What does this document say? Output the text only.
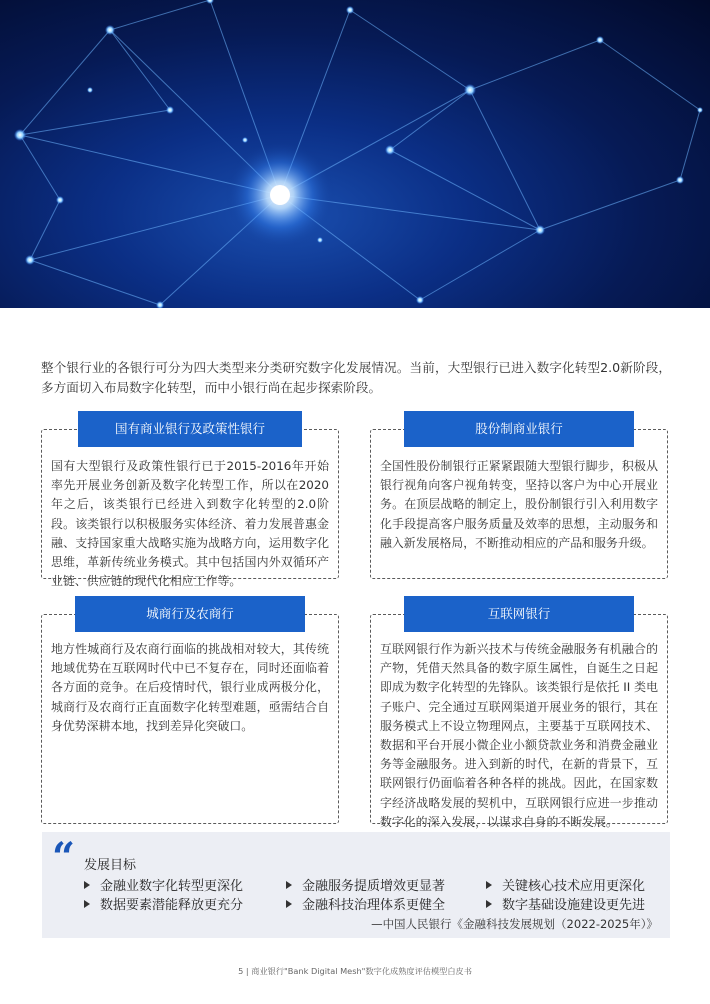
整个银行业的各银行可分为四大类型来分类研究数字化发展情况。当前，大型银行已进入数字化转型2.0新阶段，多方面切入布局数字化转型，而中小银行尚在起步探索阶段。

国有商业银行及政策性银行

国有大型银行及政策性银行已于2015-2016年开始率先开展业务创新及数字化转型工作，所以在2020年之后，该类银行已经进入到数字化转型的2.0阶段。该类银行以积极服务实体经济、着力发展普惠金融、支持国家重大战略实施为战略方向，运用数字化思维，革新传统业务模式。其中包括国内外双循环产业链、供应链的现代化相应工作等。

股份制商业银行

全国性股份制银行正紧紧跟随大型银行脚步，积极从银行视角向客户视角转变，坚持以客户为中心开展业务。在顶层战略的制定上，股份制银行引入利用数字化手段提高客户服务质量及效率的思想，主动服务和融入新发展格局，不断推动相应的产品和服务升级。

城商行及农商行

地方性城商行及农商行面临的挑战相对较大，其传统地域优势在互联网时代中已不复存在，同时还面临着各方面的竞争。在后疫情时代，银行业成两极分化，城商行及农商行正直面数字化转型难题，亟需结合自身优势深耕本地，找到差异化突破口。

互联网银行

互联网银行作为新兴技术与传统金融服务有机融合的产物，凭借天然具备的数字原生属性，自诞生之日起即成为数字化转型的先锋队。该类银行是依托 II 类电子账户、完全通过互联网渠道开展业务的银行，其在服务模式上不设立物理网点，主要基于互联网技术、数据和平台开展小微企业小额贷款业务和消费金融业务等金融服务。进入到新的时代，在新的背景下，互联网银行仍面临着各种各样的挑战。因此，在国家数字经济战略发展的契机中，互联网银行应进一步推动数字化的深入发展，以谋求自身的不断发展。

“ 发展目标
金融业数字化转型更深化	金融服务提质增效更显著	关键核心技术应用更深化
数据要素潜能释放更充分	金融科技治理体系更健全	数字基础设施建设更先进
—中国人民银行《金融科技发展规划（2022-2025年）》
5 | 商业银行"Bank Digital Mesh"数字化成熟度评估模型白皮书
